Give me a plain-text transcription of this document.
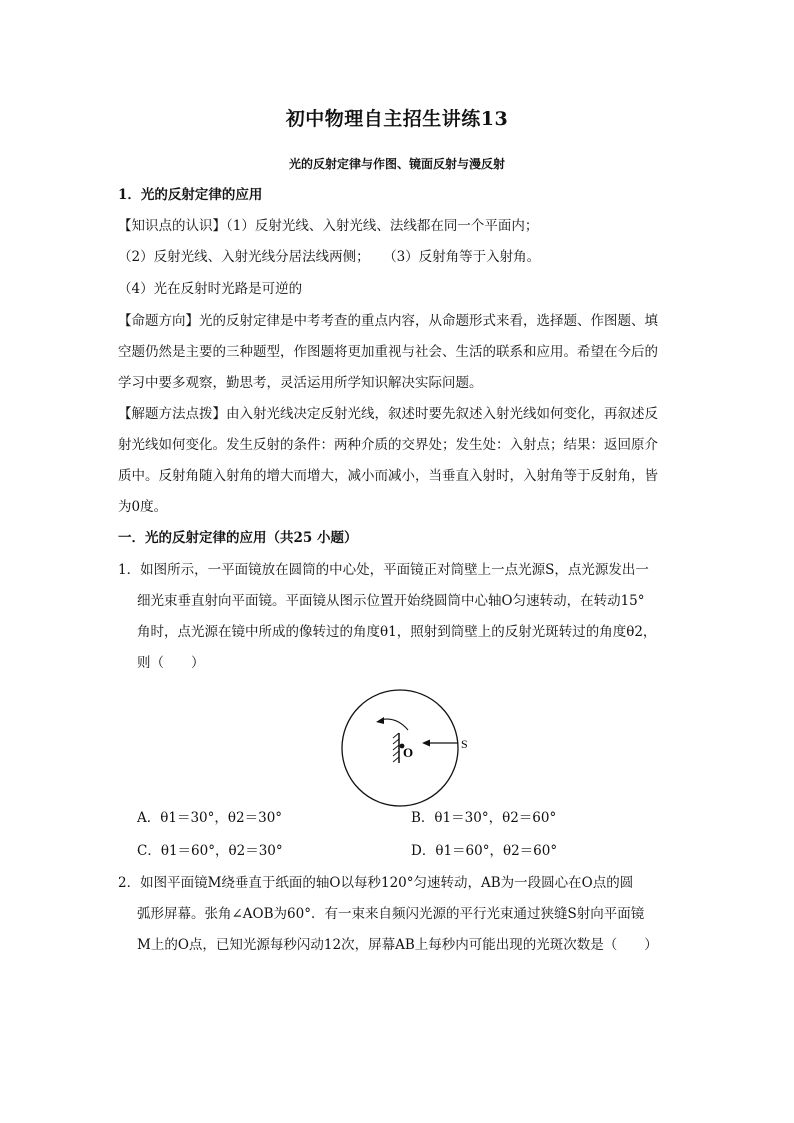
初中物理自主招生讲练13
光的反射定律与作图、镜面反射与漫反射
1．光的反射定律的应用
【知识点的认识】（1）反射光线、入射光线、法线都在同一个平面内；
（2）反射光线、入射光线分居法线两侧；　　（3）反射角等于入射角。
（4）光在反射时光路是可逆的
【命题方向】光的反射定律是中考考查的重点内容，从命题形式来看，选择题、作图题、填
空题仍然是主要的三种题型，作图题将更加重视与社会、生活的联系和应用。希望在今后的
学习中要多观察，勤思考，灵活运用所学知识解决实际问题。
【解题方法点拨】由入射光线决定反射光线，叙述时要先叙述入射光线如何变化，再叙述反
射光线如何变化。发生反射的条件：两种介质的交界处；发生处：入射点；结果：返回原介
质中。反射角随入射角的增大而增大，减小而减小，当垂直入射时，入射角等于反射角，皆
为0度。
一．光的反射定律的应用（共25 小题）
1．如图所示，一平面镜放在圆筒的中心处，平面镜正对筒壁上一点光源S，点光源发出一
细光束垂直射向平面镜。平面镜从图示位置开始绕圆筒中心轴O匀速转动，在转动15°
角时，点光源在镜中所成的像转过的角度θ1，照射到筒壁上的反射光斑转过的角度θ2，
则（　　）
S
O
A．θ1＝30°，θ2＝30°	B．θ1＝30°，θ2＝60°
C．θ1＝60°，θ2＝30°	D．θ1＝60°，θ2＝60°
2．如图平面镜M绕垂直于纸面的轴O以每秒120°匀速转动，AB为一段圆心在O点的圆
弧形屏幕。张角∠AOB为60°．有一束来自频闪光源的平行光束通过狭缝S射向平面镜
M上的O点，已知光源每秒闪动12次，屏幕AB上每秒内可能出现的光斑次数是（　　）
